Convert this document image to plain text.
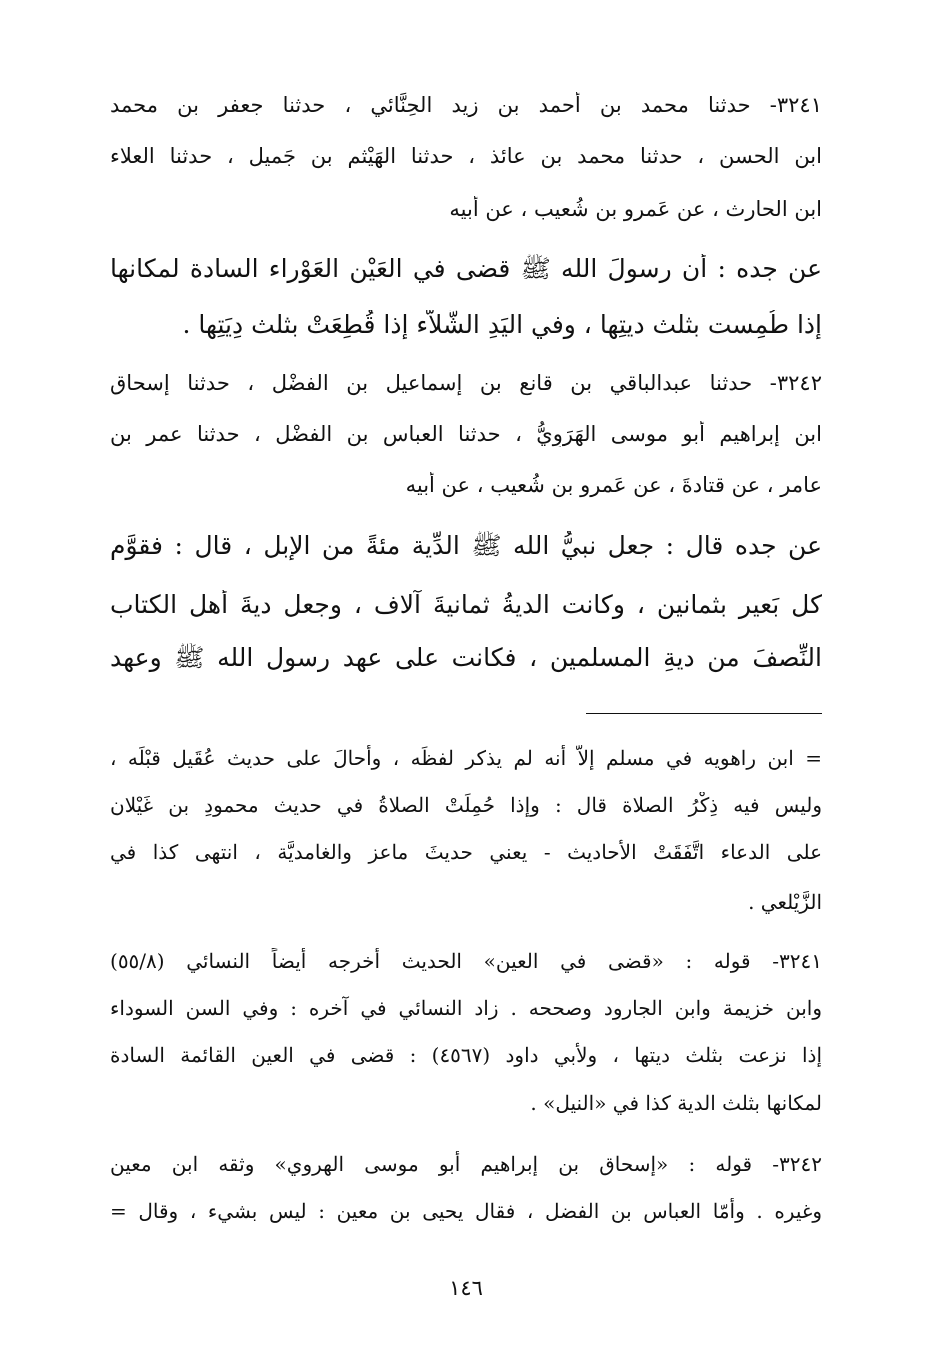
٣٢٤١- حدثنا محمد بن أحمد بن زيد الحِنَّائي ، حدثنا جعفر بن محمد
ابن الحسن ، حدثنا محمد بن عائذ ، حدثنا الهَيْثم بن جَميل ، حدثنا العلاء
ابن الحارث ، عن عَمرو بن شُعيب ، عن أبيه
عن جده : أن رسولَ الله ﷺ قضى في العَيْنِ العَوْراء السادة لمكانها
إذا طُمِست بثلث ديتِها ، وفي اليَدِ الشَّلاَّء إذا قُطِعَتْ بثلث دِيَتِها .
٣٢٤٢- حدثنا عبدالباقي بن قانع بن إسماعيل بن الفضْل ، حدثنا إسحاق
ابن إبراهيم أبو موسى الهَرَوِيُّ ، حدثنا العباس بن الفضْل ، حدثنا عمر بن
عامر ، عن قتادةَ ، عن عَمرو بن شُعيب ، عن أبيه
عن جده قال : جعل نبيُّ الله ﷺ الدِّية مئةً من الإبل ، قال : فقوَّم
كل بَعير بثمانين ، وكانت الديةُ ثمانيةَ آلاف ، وجعل ديةَ أهل الكتاب
النِّصفَ من ديةِ المسلمين ، فكانت على عهد رسول الله ﷺ وعهد
= ابن راهويه في مسلم إلاَّ أنه لم يذكر لفظَه ، وأحالَ على حديث عُقَيل قبْلَه ،
وليس فيه ذِكْرُ الصلاة قال : وإذا حُمِلَتْ الصلاةُ في حديث محمودِ بن غَيْلان
على الدعاء اتَّفَقَتْ الأحاديث - يعني حديثَ ماعز والغامديَّة ، انتهى كذا في
الزَّيْلعي .
٣٢٤١- قوله : «قضى في العين» الحديث أخرجه أيضاً النسائي (٥٥/٨)
وابن خزيمة وابن الجارود وصححه . زاد النسائي في آخره : وفي السن السوداء
إذا نزعت بثلث ديتها ، ولأبي داود (٤٥٦٧) : قضى في العين القائمة السادة
لمكانها بثلث الدية كذا في «النيل» .
٣٢٤٢- قوله : «إسحاق بن إبراهيم أبو موسى الهروي» وثقه ابن معين
وغيره . وأمّا العباس بن الفضل ، فقال يحيى بن معين : ليس بشيء ، وقال =
١٤٦
